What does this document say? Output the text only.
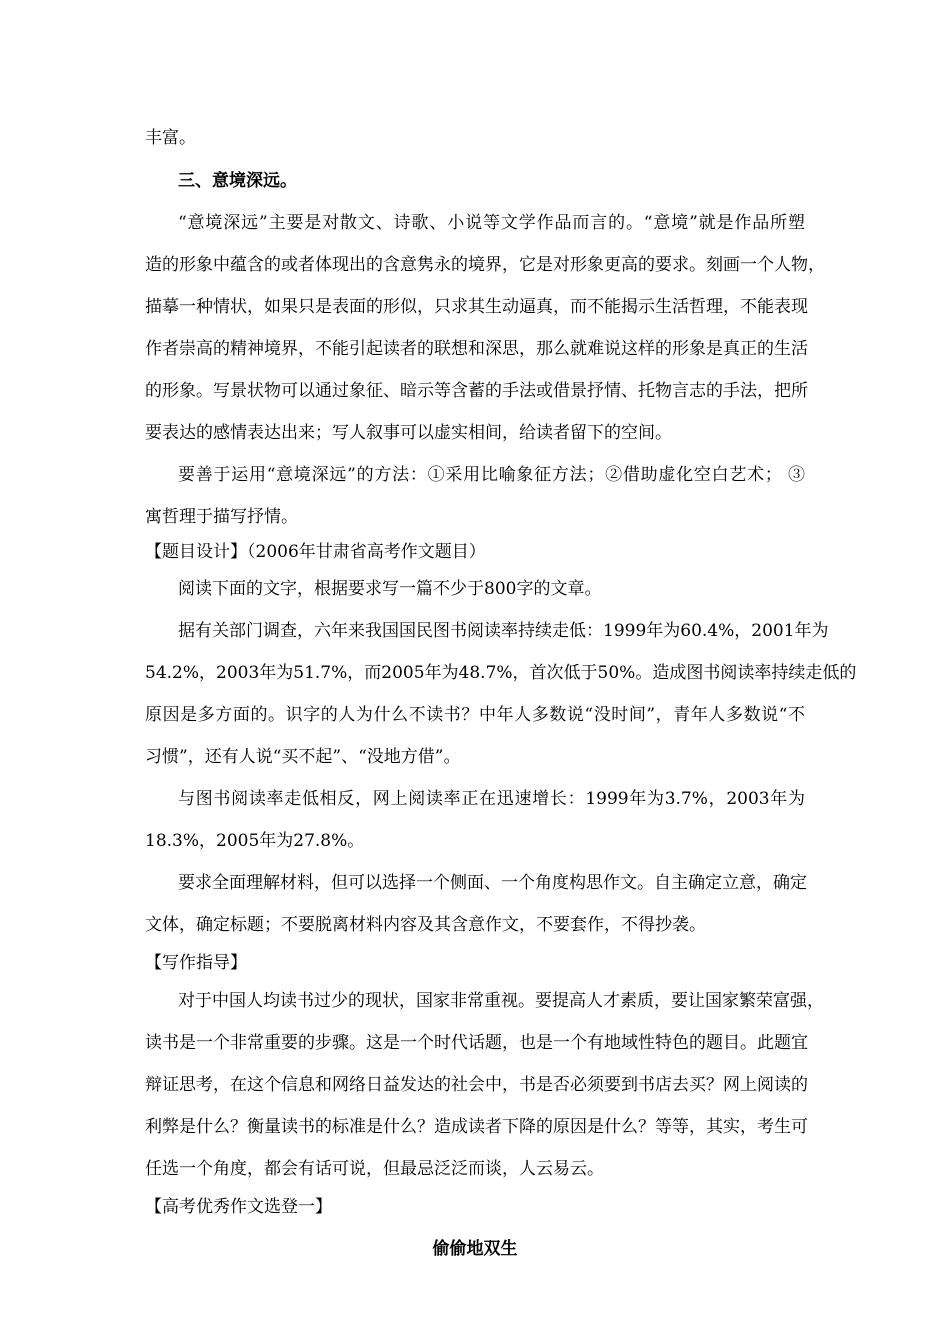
丰富。
三、意境深远。
“意境深远”主要是对散文、诗歌、小说等文学作品而言的。“意境”就是作品所塑
造的形象中蕴含的或者体现出的含意隽永的境界，它是对形象更高的要求。刻画一个人物，
描摹一种情状，如果只是表面的形似，只求其生动逼真，而不能揭示生活哲理，不能表现
作者崇高的精神境界，不能引起读者的联想和深思，那么就难说这样的形象是真正的生活
的形象。写景状物可以通过象征、暗示等含蓄的手法或借景抒情、托物言志的手法，把所
要表达的感情表达出来；写人叙事可以虚实相间，给读者留下的空间。
要善于运用“意境深远”的方法：①采用比喻象征方法；②借助虚化空白艺术； ③
寓哲理于描写抒情。
【题目设计】（2006年甘肃省高考作文题目）
阅读下面的文字，根据要求写一篇不少于800字的文章。
据有关部门调查，六年来我国国民图书阅读率持续走低：1999年为60.4%，2001年为
54.2%，2003年为51.7%，而2005年为48.7%，首次低于50%。造成图书阅读率持续走低的
原因是多方面的。识字的人为什么不读书？中年人多数说“没时间”，青年人多数说“不
习惯”，还有人说“买不起”、“没地方借”。
与图书阅读率走低相反，网上阅读率正在迅速增长：1999年为3.7%，2003年为
18.3%，2005年为27.8%。
要求全面理解材料，但可以选择一个侧面、一个角度构思作文。自主确定立意，确定
文体，确定标题；不要脱离材料内容及其含意作文，不要套作，不得抄袭。
【写作指导】
对于中国人均读书过少的现状，国家非常重视。要提高人才素质，要让国家繁荣富强，
读书是一个非常重要的步骤。这是一个时代话题，也是一个有地域性特色的题目。此题宜
辩证思考，在这个信息和网络日益发达的社会中，书是否必须要到书店去买？网上阅读的
利弊是什么？衡量读书的标准是什么？造成读者下降的原因是什么？等等，其实，考生可
任选一个角度，都会有话可说，但最忌泛泛而谈，人云易云。
【高考优秀作文选登一】
偷偷地双生
